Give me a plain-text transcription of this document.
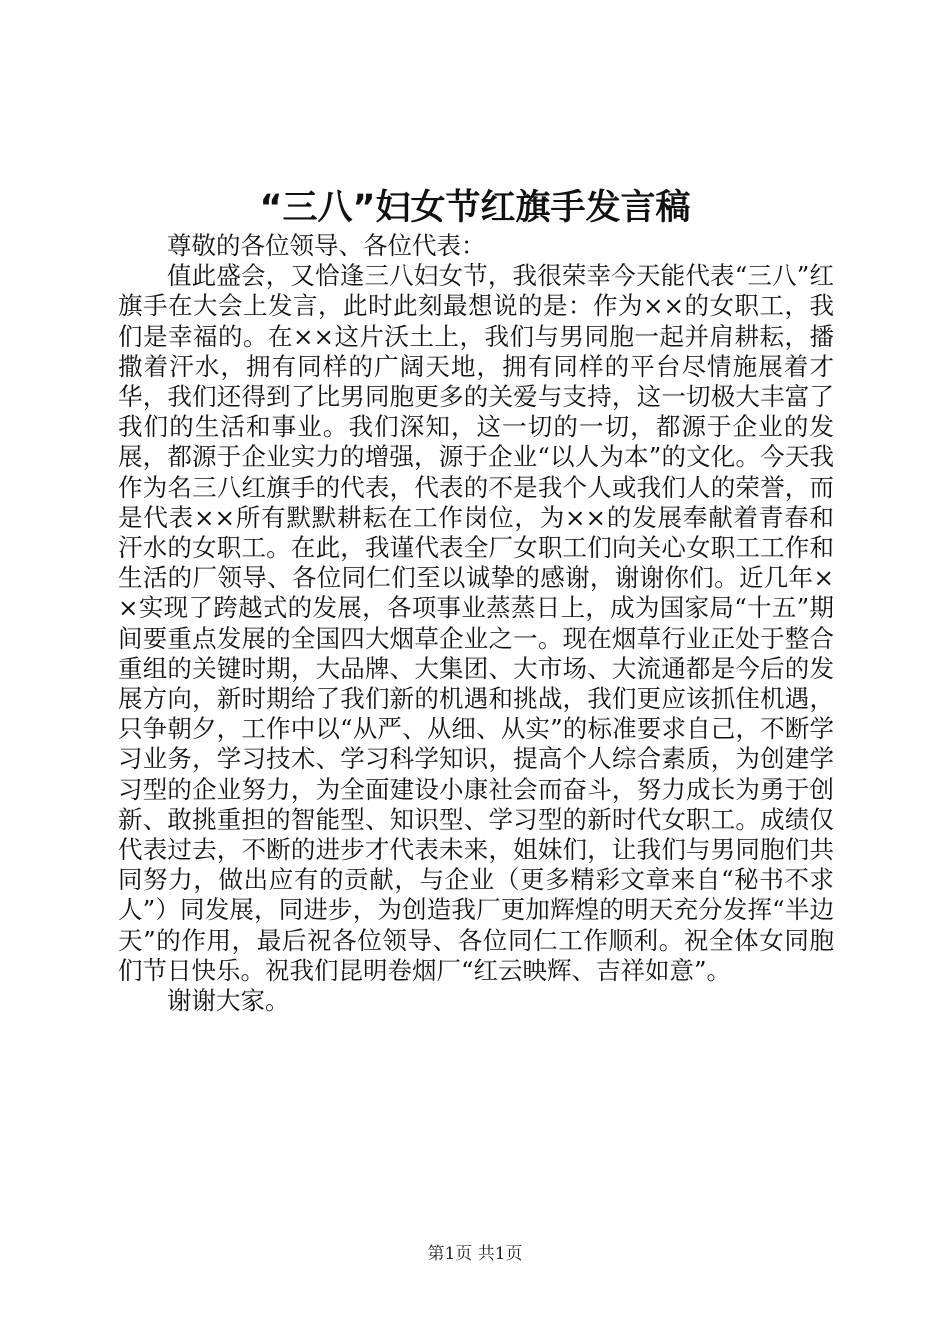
“三八”妇女节红旗手发言稿

尊敬的各位领导、各位代表：

值此盛会，又恰逢三八妇女节，我很荣幸今天能代表“三八”红旗手在大会上发言，此时此刻最想说的是：作为××的女职工，我们是幸福的。在××这片沃土上，我们与男同胞一起并肩耕耘，播撒着汗水，拥有同样的广阔天地，拥有同样的平台尽情施展着才华，我们还得到了比男同胞更多的关爱与支持，这一切极大丰富了我们的生活和事业。我们深知，这一切的一切，都源于企业的发展，都源于企业实力的增强，源于企业“以人为本”的文化。今天我作为名三八红旗手的代表，代表的不是我个人或我们人的荣誉，而是代表××所有默默耕耘在工作岗位，为××的发展奉献着青春和汗水的女职工。在此，我谨代表全厂女职工们向关心女职工工作和生活的厂领导、各位同仁们至以诚挚的感谢，谢谢你们。近几年××实现了跨越式的发展，各项事业蒸蒸日上，成为国家局“十五”期间要重点发展的全国四大烟草企业之一。现在烟草行业正处于整合重组的关键时期，大品牌、大集团、大市场、大流通都是今后的发展方向，新时期给了我们新的机遇和挑战，我们更应该抓住机遇，只争朝夕，工作中以“从严、从细、从实”的标准要求自己，不断学习业务，学习技术、学习科学知识，提高个人综合素质，为创建学习型的企业努力，为全面建设小康社会而奋斗，努力成长为勇于创新、敢挑重担的智能型、知识型、学习型的新时代女职工。成绩仅代表过去，不断的进步才代表未来，姐妹们，让我们与男同胞们共同努力，做出应有的贡献，与企业（更多精彩文章来自“秘书不求人”）同发展，同进步，为创造我厂更加辉煌的明天充分发挥“半边天”的作用，最后祝各位领导、各位同仁工作顺利。祝全体女同胞们节日快乐。祝我们昆明卷烟厂“红云映辉、吉祥如意”。

谢谢大家。

第1页 共1页
